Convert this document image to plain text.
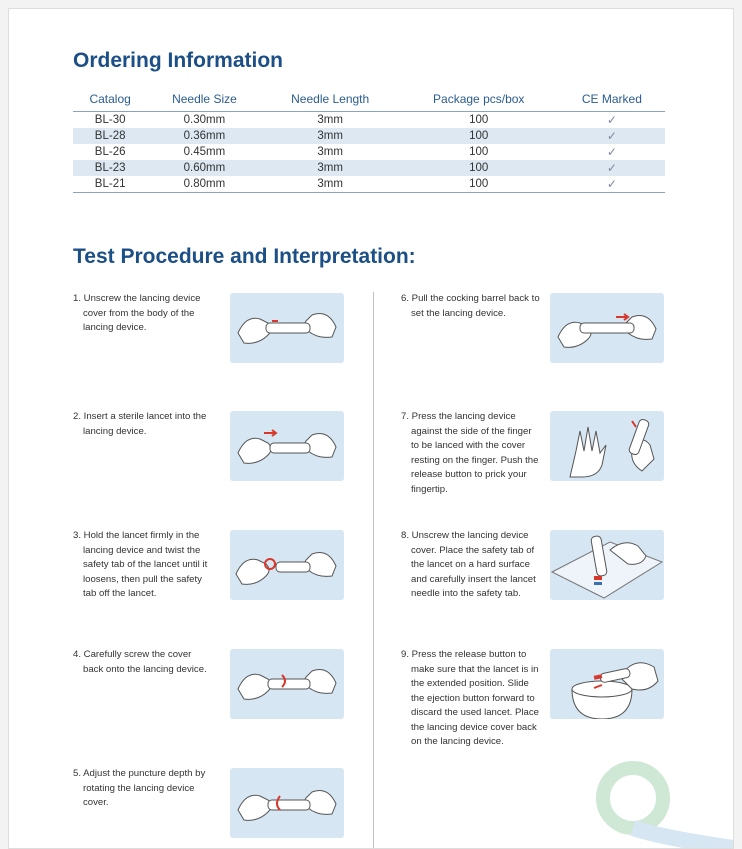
Ordering Information
Catalog	Needle Size	Needle Length	Package pcs/box	CE Marked
BL-30	0.30mm	3mm	100	✓
BL-28	0.36mm	3mm	100	✓
BL-26	0.45mm	3mm	100	✓
BL-23	0.60mm	3mm	100	✓
BL-21	0.80mm	3mm	100	✓
Test Procedure and Interpretation:
1. Unscrew the lancing device cover from the body of the lancing device.
2. Insert a sterile lancet into the lancing device.
3. Hold the lancet firmly in the lancing device and twist the safety tab of the lancet until it loosens, then pull the safety tab off the lancet.
4. Carefully screw the cover back onto the lancing device.
5. Adjust the puncture depth by rotating the lancing device cover.
6. Pull the cocking barrel back to set the lancing device.
7. Press the lancing device against the side of the finger to be lanced with the cover resting on the finger. Push the release button to prick your fingertip.
8. Unscrew the lancing device cover. Place the safety tab of the lancet on a hard surface and carefully insert the lancet needle into the safety tab.
9. Press the release button to make sure that the lancet is in the extended position. Slide the ejection button forward to discard the used lancet. Place the lancing device cover back on the lancing device.
